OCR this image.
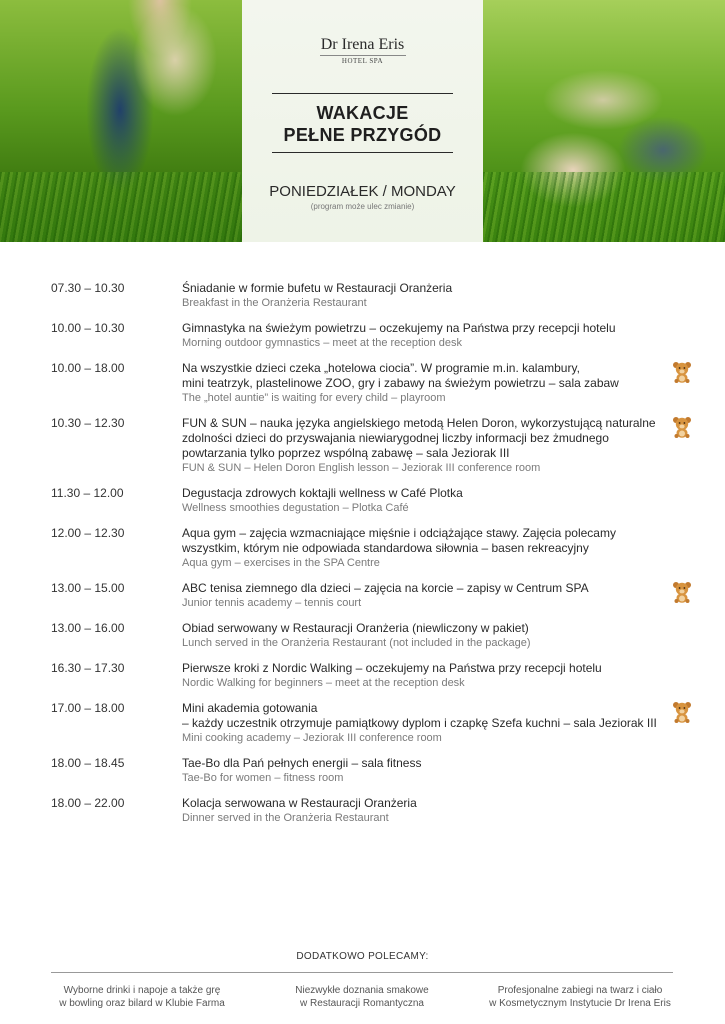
Dr Irena Eris
HOTEL SPA
WAKACJE
PEŁNE PRZYGÓD
PONIEDZIAŁEK / MONDAY
(program może ulec zmianie)
07.30 – 10.30	Śniadanie w formie bufetu w Restauracji Oranżeria
Breakfast in the Oranżeria Restaurant
10.00 – 10.30	Gimnastyka na świeżym powietrzu – oczekujemy na Państwa przy recepcji hotelu
Morning outdoor gymnastics – meet at the reception desk
10.00 – 18.00	Na wszystkie dzieci czeka „hotelowa ciocia”. W programie m.in. kalambury,
mini teatrzyk, plastelinowe ZOO, gry i zabawy na świeżym powietrzu – sala zabaw
The „hotel auntie” is waiting for every child – playroom
10.30 – 12.30	FUN & SUN – nauka języka angielskiego metodą Helen Doron, wykorzystującą naturalne
zdolności dzieci do przyswajania niewiarygodnej liczby informacji bez żmudnego
powtarzania tylko poprzez wspólną zabawę – sala Jeziorak III
FUN & SUN – Helen Doron English lesson – Jeziorak III conference room
11.30 – 12.00	Degustacja zdrowych koktajli wellness w Café Plotka
Wellness smoothies degustation – Plotka Café
12.00 – 12.30	Aqua gym – zajęcia wzmacniające mięśnie i odciążające stawy. Zajęcia polecamy
wszystkim, którym nie odpowiada standardowa siłownia – basen rekreacyjny
Aqua gym – exercises in the SPA Centre
13.00 – 15.00	ABC tenisa ziemnego dla dzieci – zajęcia na korcie – zapisy w Centrum SPA
Junior tennis academy – tennis court
13.00 – 16.00	Obiad serwowany w Restauracji Oranżeria (niewliczony w pakiet)
Lunch served in the Oranżeria Restaurant (not included in the package)
16.30 – 17.30	Pierwsze kroki z Nordic Walking – oczekujemy na Państwa przy recepcji hotelu
Nordic Walking for beginners – meet at the reception desk
17.00 – 18.00	Mini akademia gotowania
– każdy uczestnik otrzymuje pamiątkowy dyplom i czapkę Szefa kuchni – sala Jeziorak III
Mini cooking academy – Jeziorak III conference room
18.00 – 18.45	Tae-Bo dla Pań pełnych energii – sala fitness
Tae-Bo for women – fitness room
18.00 – 22.00	Kolacja serwowana w Restauracji Oranżeria
Dinner served in the Oranżeria Restaurant
DODATKOWO POLECAMY:
Wyborne drinki i napoje a także grę
w bowling oraz bilard w Klubie Farma
Niezwykłe doznania smakowe
w Restauracji Romantyczna
Profesjonalne zabiegi na twarz i ciało
w Kosmetycznym Instytucie Dr Irena Eris
